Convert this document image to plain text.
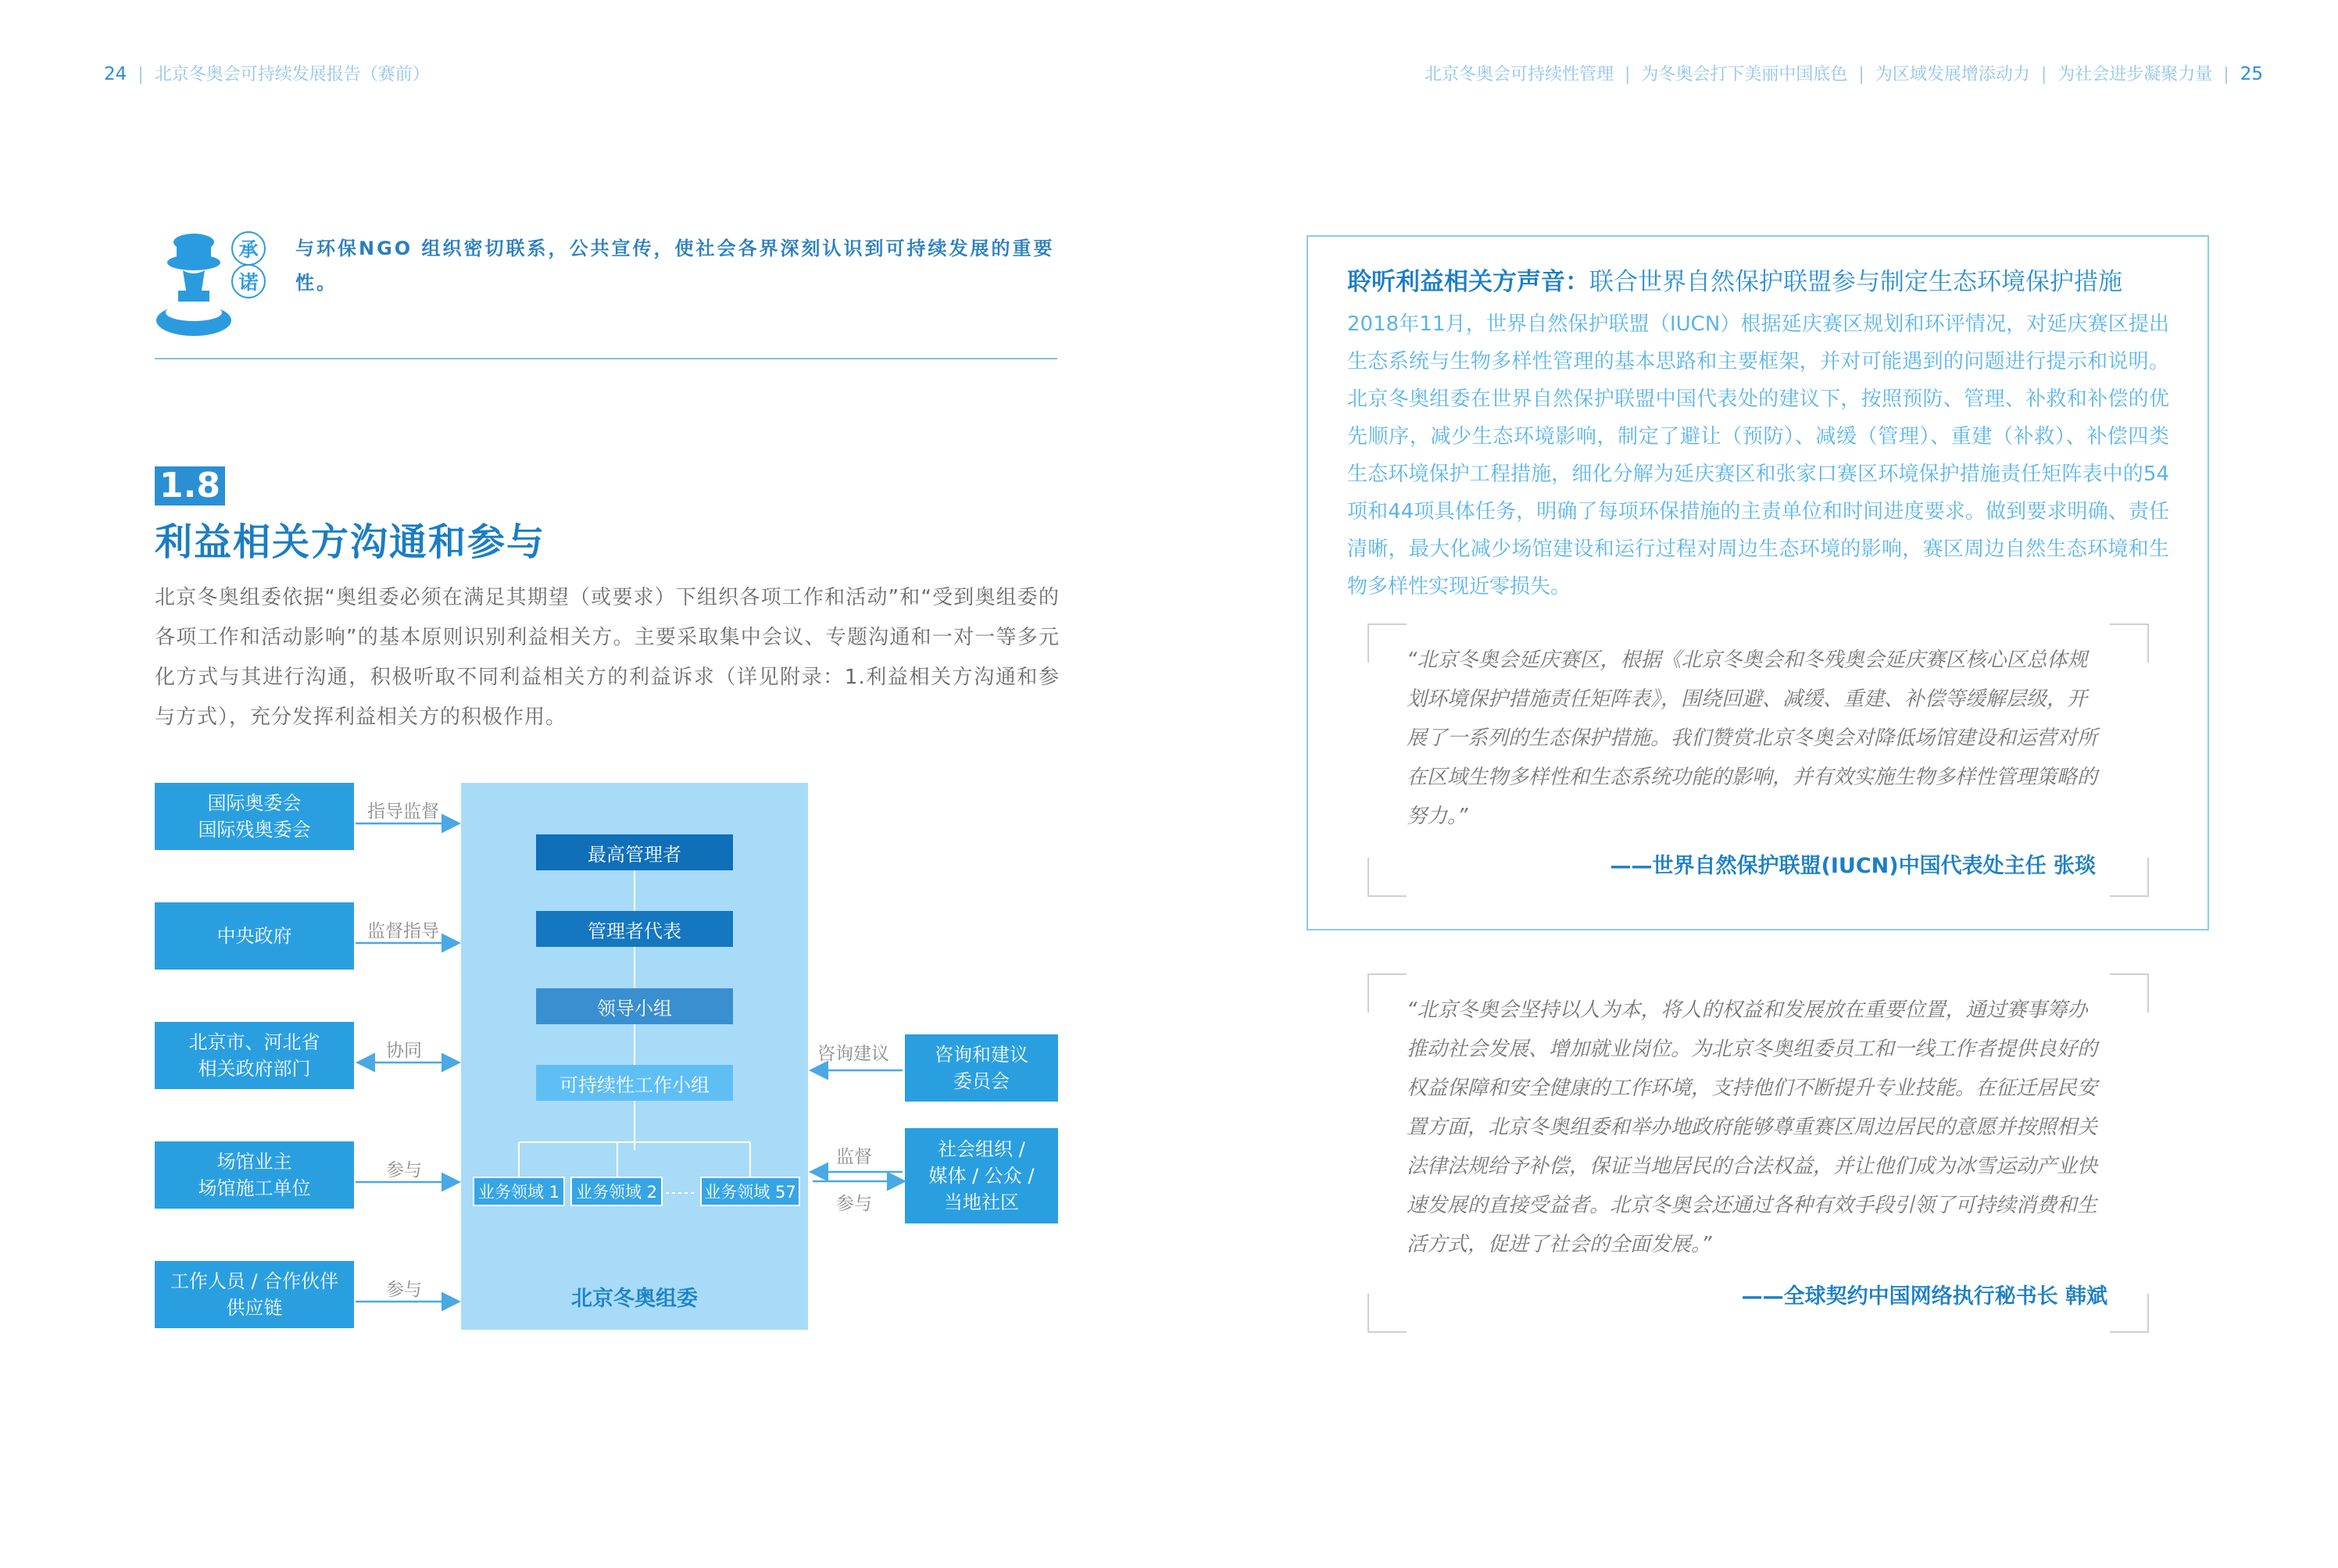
24 | 北京冬奥会可持续发展报告（赛前）	北京冬奥会可持续性管理 | 为冬奥会打下美丽中国底色 | 为区域发展增添动力 | 为社会进步凝聚力量 | 25
承
诺
与环保NGO 组织密切联系，公共宣传，使社会各界深刻认识到可持续发展的重要性。
1.8
利益相关方沟通和参与
北京冬奥组委依据“奥组委必须在满足其期望（或要求）下组织各项工作和活动”和“受到奥组委的各项工作和活动影响”的基本原则识别利益相关方。主要采取集中会议、专题沟通和一对一等多元化方式与其进行沟通，积极听取不同利益相关方的利益诉求（详见附录：1.利益相关方沟通和参与方式），充分发挥利益相关方的积极作用。
最高管理者
管理者代表
领导小组
可持续性工作小组
业务领域 1 业务领域 2	业务领域 57
北京冬奥组委
国际奥委会
国际残奥委会
中央政府
北京市、河北省
相关政府部门
场馆业主
场馆施工单位
工作人员 / 合作伙伴
供应链
咨询和建议
委员会
社会组织 /
媒体 / 公众 /
当地社区
指导监督
监督指导
协同
参与
参与
咨询建议
监督
参与
聆听利益相关方声音：联合世界自然保护联盟参与制定生态环境保护措施
2018年11月，世界自然保护联盟（IUCN）根据延庆赛区规划和环评情况，对延庆赛区提出生态系统与生物多样性管理的基本思路和主要框架，并对可能遇到的问题进行提示和说明。北京冬奥组委在世界自然保护联盟中国代表处的建议下，按照预防、管理、补救和补偿的优先顺序，减少生态环境影响，制定了避让（预防）、减缓（管理）、重建（补救）、补偿四类生态环境保护工程措施，细化分解为延庆赛区和张家口赛区环境保护措施责任矩阵表中的54项和44项具体任务，明确了每项环保措施的主责单位和时间进度要求。做到要求明确、责任清晰，最大化减少场馆建设和运行过程对周边生态环境的影响，赛区周边自然生态环境和生物多样性实现近零损失。
“北京冬奥会延庆赛区，根据《北京冬奥会和冬残奥会延庆赛区核心区总体规划环境保护措施责任矩阵表》，围绕回避、减缓、重建、补偿等缓解层级，开展了一系列的生态保护措施。我们赞赏北京冬奥会对降低场馆建设和运营对所在区域生物多样性和生态系统功能的影响，并有效实施生物多样性管理策略的努力。”
——世界自然保护联盟(IUCN)中国代表处主任 张琰
“北京冬奥会坚持以人为本，将人的权益和发展放在重要位置，通过赛事筹办推动社会发展、增加就业岗位。为北京冬奥组委员工和一线工作者提供良好的权益保障和安全健康的工作环境，支持他们不断提升专业技能。在征迁居民安置方面，北京冬奥组委和举办地政府能够尊重赛区周边居民的意愿并按照相关法律法规给予补偿，保证当地居民的合法权益，并让他们成为冰雪运动产业快速发展的直接受益者。北京冬奥会还通过各种有效手段引领了可持续消费和生活方式，促进了社会的全面发展。”
——全球契约中国网络执行秘书长 韩斌
